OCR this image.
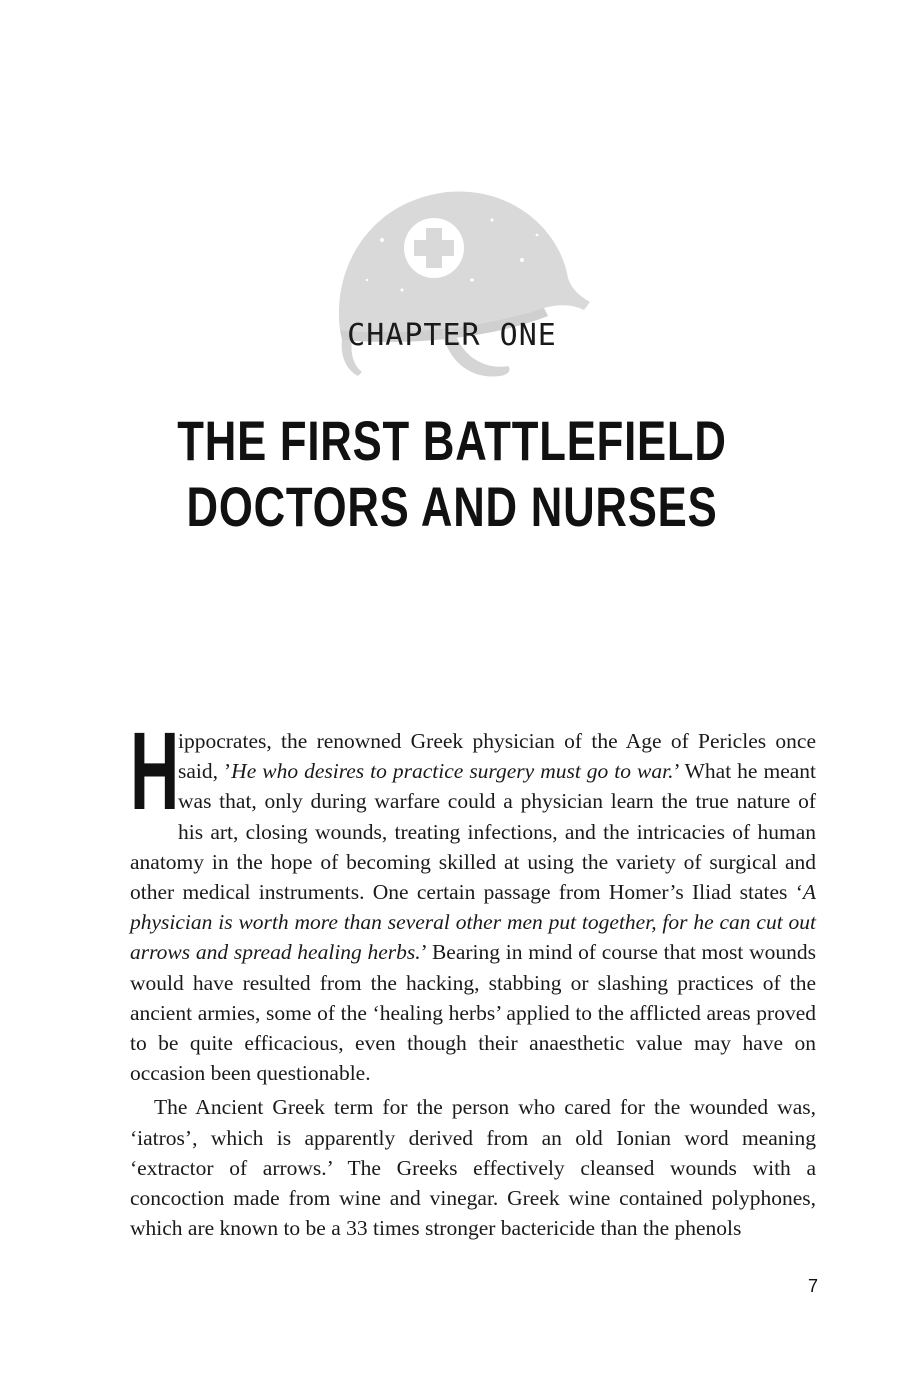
CHAPTER ONE
THE FIRST BATTLEFIELD
DOCTORS AND NURSES

H
ippocrates, the renowned Greek physician of the Age of Pericles once said, ’He who desires to practice surgery must go to war.’ What he meant was that, only during warfare could a physician learn the true nature of his art, closing wounds, treating infections, and the intricacies of human anatomy in the hope of becoming skilled at using the variety of surgical and other medical instruments. One certain passage from Homer’s Iliad states ‘A physician is worth more than several other men put together, for he can cut out arrows and spread healing herbs.’ Bearing in mind of course that most wounds would have resulted from the hacking, stabbing or slashing practices of the ancient armies, some of the ‘healing herbs’ applied to the afflicted areas proved to be quite efficacious, even though their anaesthetic value may have on occasion been questionable.

The Ancient Greek term for the person who cared for the wounded was, ‘iatros’, which is apparently derived from an old Ionian word meaning ‘extractor of arrows.’ The Greeks effectively cleansed wounds with a concoction made from wine and vinegar. Greek wine contained polyphones, which are known to be a 33 times stronger bactericide than the phenols

7
